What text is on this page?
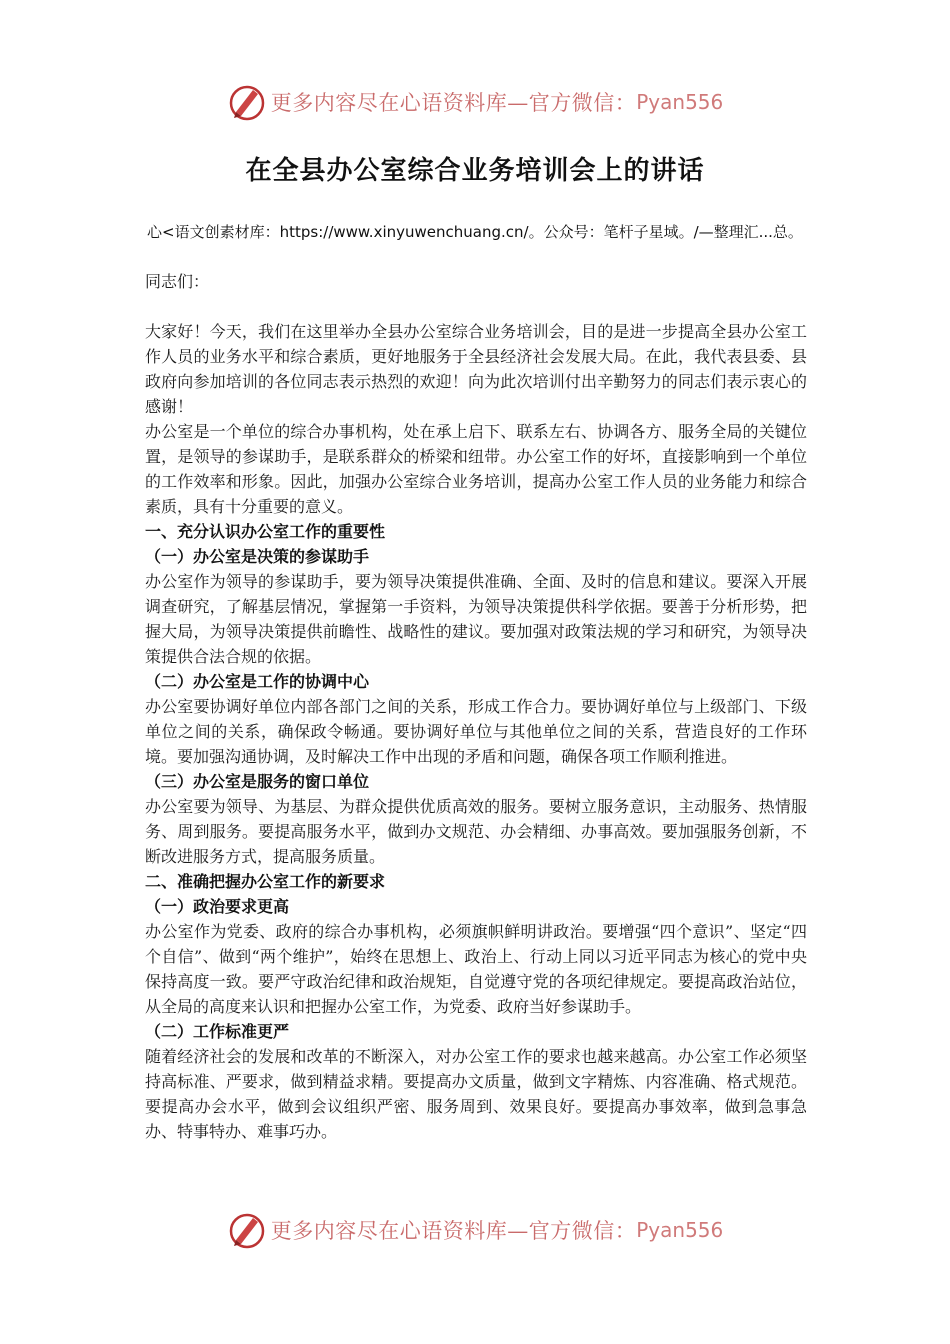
更多内容尽在心语资料库—官方微信： Pyan556
在全县办公室综合业务培训会上的讲话
心<语文创素材库：https://www.xinyuwenchuang.cn/。公众号：笔杆子星域。/—整理汇...总。

同志们：

大家好！今天，我们在这里举办全县办公室综合业务培训会，目的是进一步提高全县办公室工作人员的业务水平和综合素质，更好地服务于全县经济社会发展大局。在此，我代表县委、县政府向参加培训的各位同志表示热烈的欢迎！向为此次培训付出辛勤努力的同志们表示衷心的感谢！

办公室是一个单位的综合办事机构，处在承上启下、联系左右、协调各方、服务全局的关键位置，是领导的参谋助手，是联系群众的桥梁和纽带。办公室工作的好坏，直接影响到一个单位的工作效率和形象。因此，加强办公室综合业务培训，提高办公室工作人员的业务能力和综合素质，具有十分重要的意义。

一、充分认识办公室工作的重要性
（一）办公室是决策的参谋助手

办公室作为领导的参谋助手，要为领导决策提供准确、全面、及时的信息和建议。要深入开展调查研究，了解基层情况，掌握第一手资料，为领导决策提供科学依据。要善于分析形势，把握大局，为领导决策提供前瞻性、战略性的建议。要加强对政策法规的学习和研究，为领导决策提供合法合规的依据。

（二）办公室是工作的协调中心

办公室要协调好单位内部各部门之间的关系，形成工作合力。要协调好单位与上级部门、下级单位之间的关系，确保政令畅通。要协调好单位与其他单位之间的关系，营造良好的工作环境。要加强沟通协调，及时解决工作中出现的矛盾和问题，确保各项工作顺利推进。

（三）办公室是服务的窗口单位

办公室要为领导、为基层、为群众提供优质高效的服务。要树立服务意识，主动服务、热情服务、周到服务。要提高服务水平，做到办文规范、办会精细、办事高效。要加强服务创新，不断改进服务方式，提高服务质量。

二、准确把握办公室工作的新要求
（一）政治要求更高

办公室作为党委、政府的综合办事机构，必须旗帜鲜明讲政治。要增强“四个意识”、坚定“四个自信”、做到“两个维护”，始终在思想上、政治上、行动上同以习近平同志为核心的党中央保持高度一致。要严守政治纪律和政治规矩，自觉遵守党的各项纪律规定。要提高政治站位，从全局的高度来认识和把握办公室工作，为党委、政府当好参谋助手。

（二）工作标准更严

随着经济社会的发展和改革的不断深入，对办公室工作的要求也越来越高。办公室工作必须坚持高标准、严要求，做到精益求精。要提高办文质量，做到文字精炼、内容准确、格式规范。要提高办会水平，做到会议组织严密、服务周到、效果良好。要提高办事效率，做到急事急办、特事特办、难事巧办。

更多内容尽在心语资料库—官方微信： Pyan556
